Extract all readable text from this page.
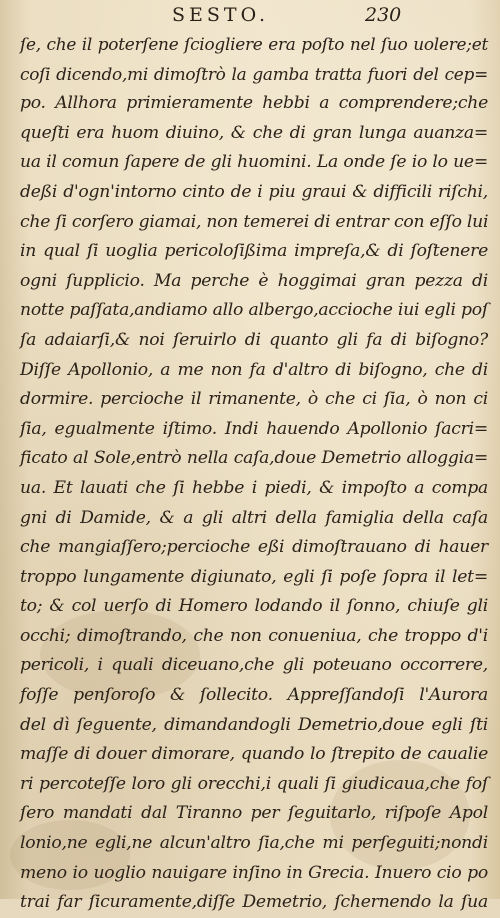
SESTO.	230
ſe, che il poterſene ſciogliere era poſto nel ſuo uolere;et
coſi dicendo,mi dimoſtrò la gamba tratta fuori del cep=
po. Allhora primieramente hebbi a comprendere;che
queſti era huom diuino, & che di gran lunga auanza=
ua il comun ſapere de gli huomini. La onde ſe io lo ue=
deßi d'ogn'intorno cinto de i piu graui & difficili riſchi,
che ſi corſero giamai, non temerei di entrar con eſſo lui
in qual ſi uoglia pericoloſißima impreſa,& di ſoſtenere
ogni ſupplicio. Ma perche è hoggimai gran pezza di
notte paſſata,andiamo allo albergo,accioche iui egli poſ
ſa adaiarſi,& noi ſeruirlo di quanto gli fa di biſogno?
Diſſe Apollonio, a me non fa d'altro di biſogno, che di
dormire. percioche il rimanente, ò che ci ſia, ò non ci
ſia, egualmente iſtimo. Indi hauendo Apollonio ſacri=
ficato al Sole,entrò nella caſa,doue Demetrio alloggia=
ua. Et lauati che ſi hebbe i piedi, & impoſto a compa
gni di Damide, & a gli altri della famiglia della caſa
che mangiaſſero;percioche eßi dimoſtrauano di hauer
troppo lungamente digiunato, egli ſi poſe ſopra il let=
to; & col uerſo di Homero lodando il ſonno, chiuſe gli
occhi; dimoſtrando, che non conueniua, che troppo d'i
pericoli, i quali diceuano,che gli poteuano occorrere,
foſſe penſoroſo & ſollecito. Appreſſandoſi l'Aurora
del dì ſeguente, dimandandogli Demetrio,doue egli ſti
maſſe di douer dimorare, quando lo ſtrepito de caualie
ri percoteſſe loro gli orecchi,i quali ſi giudicaua,che foſ
ſero mandati dal Tiranno per ſeguitarlo, riſpoſe Apol
lonio,ne egli,ne alcun'altro ſia,che mi perſeguiti;nondi
meno io uoglio nauigare inſino in Grecia. Inuero cio po
trai far ſicuramente,diſſe Demetrio, ſchernendo la ſua
